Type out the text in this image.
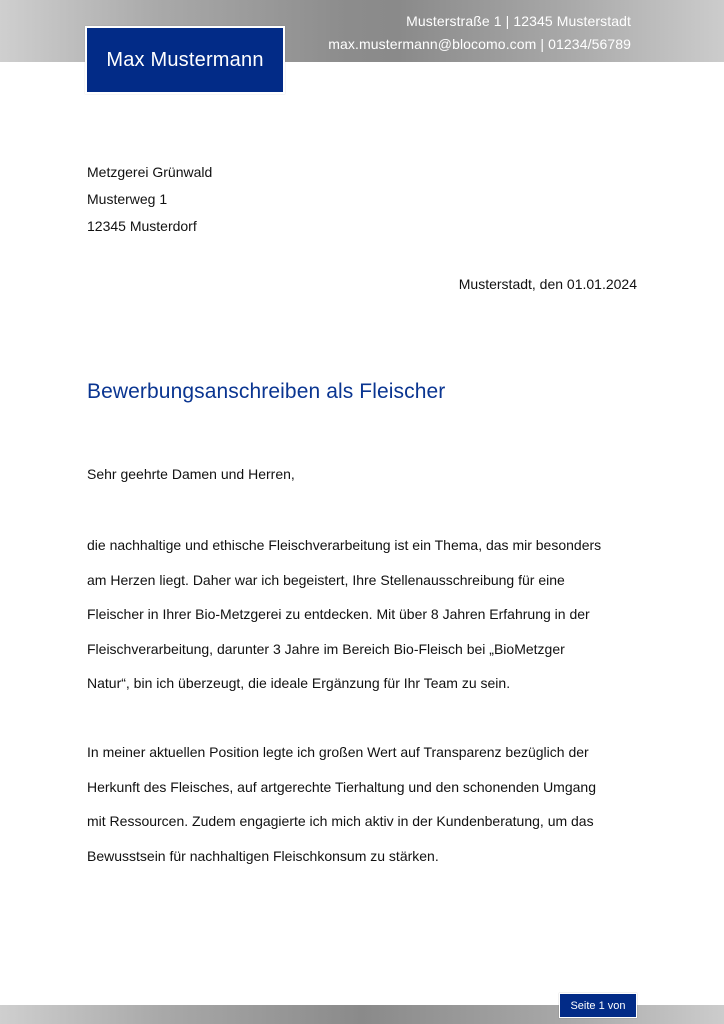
Musterstraße 1 | 12345 Musterstadt
max.mustermann@blocomo.com | 01234/56789
Max Mustermann
Metzgerei Grünwald
Musterweg 1
12345 Musterdorf
Musterstadt, den 01.01.2024
Bewerbungsanschreiben als Fleischer

Sehr geehrte Damen und Herren,

die nachhaltige und ethische Fleischverarbeitung ist ein Thema, das mir besonders
am Herzen liegt. Daher war ich begeistert, Ihre Stellenausschreibung für eine
Fleischer in Ihrer Bio-Metzgerei zu entdecken. Mit über 8 Jahren Erfahrung in der
Fleischverarbeitung, darunter 3 Jahre im Bereich Bio-Fleisch bei „BioMetzger
Natur“, bin ich überzeugt, die ideale Ergänzung für Ihr Team zu sein.

In meiner aktuellen Position legte ich großen Wert auf Transparenz bezüglich der
Herkunft des Fleisches, auf artgerechte Tierhaltung und den schonenden Umgang
mit Ressourcen. Zudem engagierte ich mich aktiv in der Kundenberatung, um das
Bewusstsein für nachhaltigen Fleischkonsum zu stärken.

Seite 1 von
